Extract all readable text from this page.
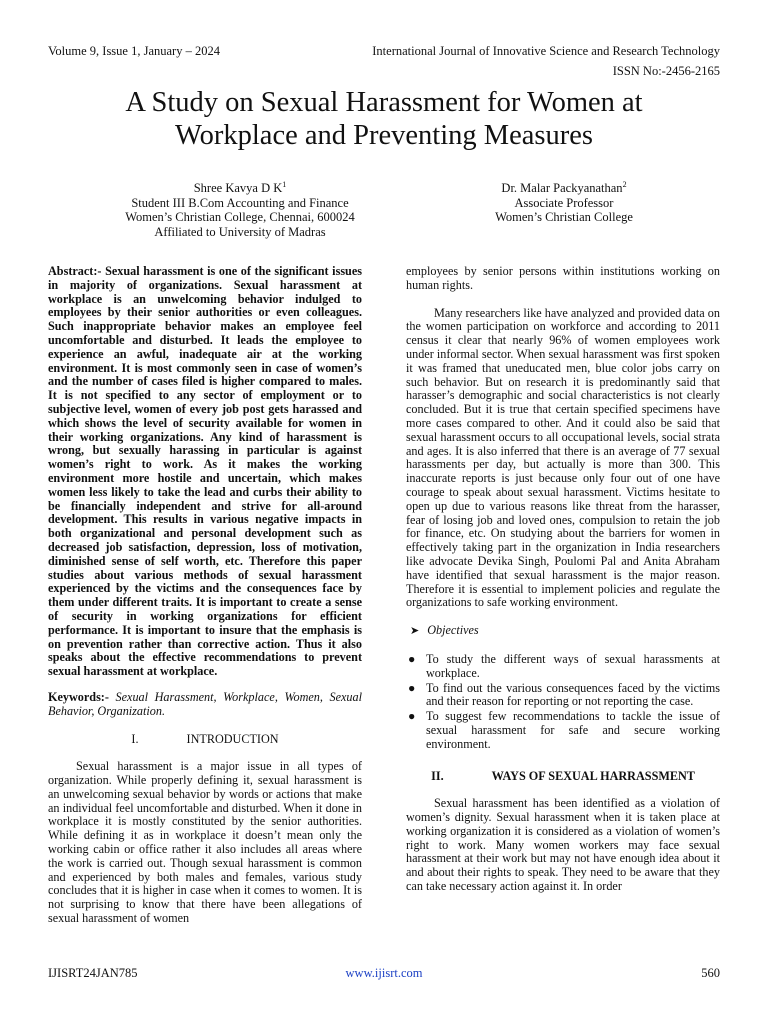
Volume 9, Issue 1, January – 2024	International Journal of Innovative Science and Research Technology
ISSN No:-2456-2165
A Study on Sexual Harassment for Women at
Workplace and Preventing Measures
Shree Kavya D $K^1$
Student III B.Com Accounting and Finance
Women’s Christian College, Chennai, 600024
Affiliated to University of Madras
Dr. Malar Packyanathan$^2$
Associate Professor
Women’s Christian College

Abstract:- Sexual harassment is one of the significant issues in majority of organizations. Sexual harassment at workplace is an unwelcoming behavior indulged to employees by their senior authorities or even colleagues. Such inappropriate behavior makes an employee feel uncomfortable and disturbed. It leads the employee to experience an awful, inadequate air at the working environment. It is most commonly seen in case of women’s and the number of cases filed is higher compared to males. It is not specified to any sector of employment or to subjective level, women of every job post gets harassed and which shows the level of security available for women in their working organizations. Any kind of harassment is wrong, but sexually harassing in particular is against women’s right to work. As it makes the working environment more hostile and uncertain, which makes women less likely to take the lead and curbs their ability to be financially independent and strive for all-around development. This results in various negative impacts in both organizational and personal development such as decreased job satisfaction, depression, loss of motivation, diminished sense of self worth, etc. Therefore this paper studies about various methods of sexual harassment experienced by the victims and the consequences face by them under different traits. It is important to create a sense of security in working organizations for efficient performance. It is important to insure that the emphasis is on prevention rather than corrective action. Thus it also speaks about the effective recommendations to prevent sexual harassment at workplace.

Keywords:- Sexual Harassment, Workplace, Women, Sexual Behavior, Organization.

I.	INTRODUCTION

Sexual harassment is a major issue in all types of organization. While properly defining it, sexual harassment is an unwelcoming sexual behavior by words or actions that make an individual feel uncomfortable and disturbed. When it done in workplace it is mostly constituted by the senior authorities. While defining it as in workplace it doesn’t mean only the working cabin or office rather it also includes all areas where the work is carried out. Though sexual harassment is common and experienced by both males and females, various study concludes that it is higher in case when it comes to women. It is not surprising to know that there have been allegations of sexual harassment of women

employees by senior persons within institutions working on human rights.

Many researchers like have analyzed and provided data on the women participation on workforce and according to 2011 census it clear that nearly 96% of women employees work under informal sector. When sexual harassment was first spoken it was framed that uneducated men, blue color jobs carry on such behavior. But on research it is predominantly said that harasser’s demographic and social characteristics is not clearly concluded. But it is true that certain specified specimens have more cases compared to other. And it could also be said that sexual harassment occurs to all occupational levels, social strata and ages. It is also inferred that there is an average of 77 sexual harassments per day, but actually is more than 300. This inaccurate reports is just because only four out of one have courage to speak about sexual harassment. Victims hesitate to open up due to various reasons like threat from the harasser, fear of losing job and loved ones, compulsion to retain the job for finance, etc. On studying about the barriers for women in effectively taking part in the organization in India researchers like advocate Devika Singh, Poulomi Pal and Anita Abraham have identified that sexual harassment is the major reason. Therefore it is essential to implement policies and regulate the organizations to safe working environment.

➤ Objectives

● To study the different ways of sexual harassments at workplace.
● To find out the various consequences faced by the victims and their reason for reporting or not reporting the case.
● To suggest few recommendations to tackle the issue of sexual harassment for safe and secure working environment.

II.	WAYS OF SEXUAL HARRASSMENT

Sexual harassment has been identified as a violation of women’s dignity. Sexual harassment when it is taken place at working organization it is considered as a violation of women’s right to work. Many women workers may face sexual harassment at their work but may not have enough idea about it and about their rights to speak. They need to be aware that they can take necessary action against it. In order

IJISRT24JAN785	www.ijisrt.com	560
